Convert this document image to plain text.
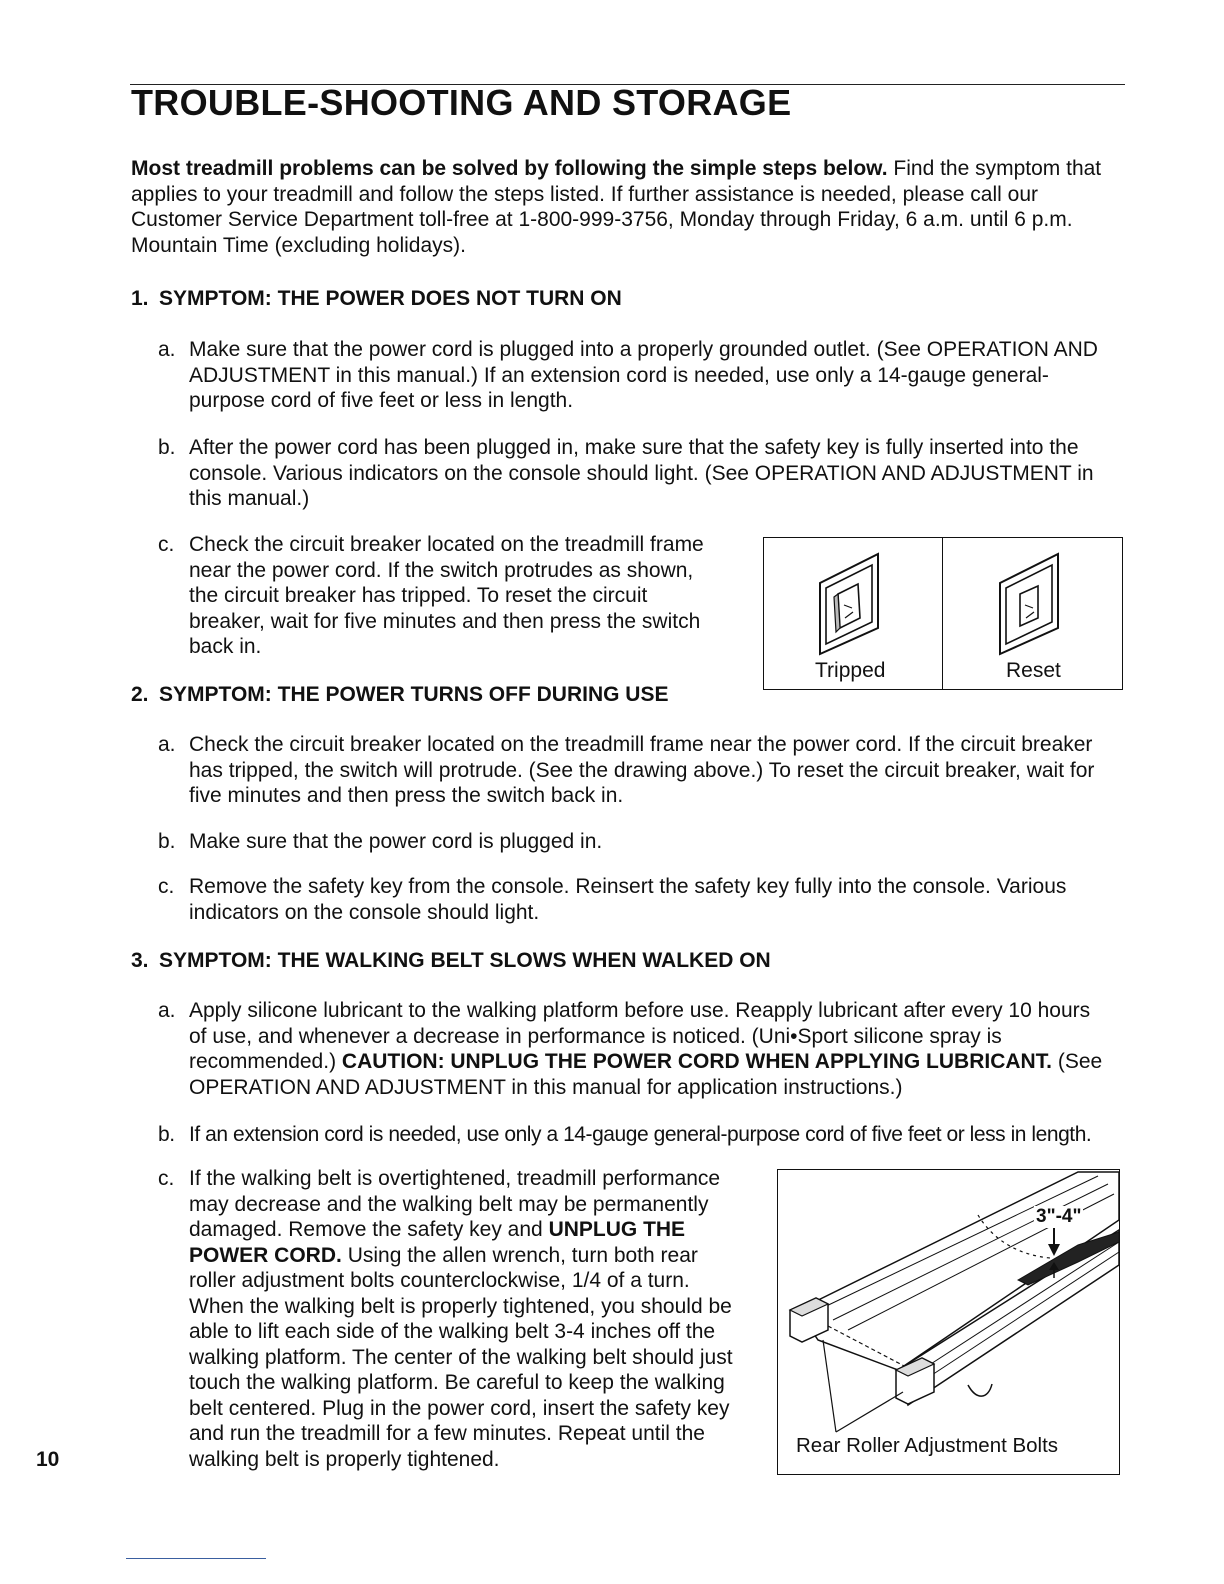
TROUBLE-SHOOTING AND STORAGE

Most treadmill problems can be solved by following the simple steps below. Find the symptom that applies to your treadmill and follow the steps listed. If further assistance is needed, please call our Customer Service Department toll-free at 1-800-999-3756, Monday through Friday, 6 a.m. until 6 p.m. Mountain Time (excluding holidays).

1. SYMPTOM: THE POWER DOES NOT TURN ON

a. Make sure that the power cord is plugged into a properly grounded outlet. (See OPERATION AND ADJUSTMENT in this manual.) If an extension cord is needed, use only a 14-gauge general-purpose cord of five feet or less in length.

b. After the power cord has been plugged in, make sure that the safety key is fully inserted into the console. Various indicators on the console should light. (See OPERATION AND ADJUSTMENT in this manual.)

c. Check the circuit breaker located on the treadmill frame near the power cord. If the switch protrudes as shown, the circuit breaker has tripped. To reset the circuit breaker, wait for five minutes and then press the switch back in.

Tripped	Reset
2. SYMPTOM: THE POWER TURNS OFF DURING USE

a. Check the circuit breaker located on the treadmill frame near the power cord. If the circuit breaker has tripped, the switch will protrude. (See the drawing above.) To reset the circuit breaker, wait for five minutes and then press the switch back in.

b. Make sure that the power cord is plugged in.

c. Remove the safety key from the console. Reinsert the safety key fully into the console. Various indicators on the console should light.

3. SYMPTOM: THE WALKING BELT SLOWS WHEN WALKED ON

a. Apply silicone lubricant to the walking platform before use. Reapply lubricant after every 10 hours of use, and whenever a decrease in performance is noticed. (Uni•Sport silicone spray is recommended.) CAUTION: UNPLUG THE POWER CORD WHEN APPLYING LUBRICANT. (See OPERATION AND ADJUSTMENT in this manual for application instructions.)

b. If an extension cord is needed, use only a 14-gauge general-purpose cord of five feet or less in length.

c. If the walking belt is overtightened, treadmill performance may decrease and the walking belt may be permanently damaged. Remove the safety key and UNPLUG THE POWER CORD. Using the allen wrench, turn both rear roller adjustment bolts counterclockwise, 1/4 of a turn. When the walking belt is properly tightened, you should be able to lift each side of the walking belt 3-4 inches off the walking platform. The center of the walking belt should just touch the walking platform. Be careful to keep the walking belt centered. Plug in the power cord, insert the safety key and run the treadmill for a few minutes. Repeat until the walking belt is properly tightened.

3"-4"
Rear Roller Adjustment Bolts
10
